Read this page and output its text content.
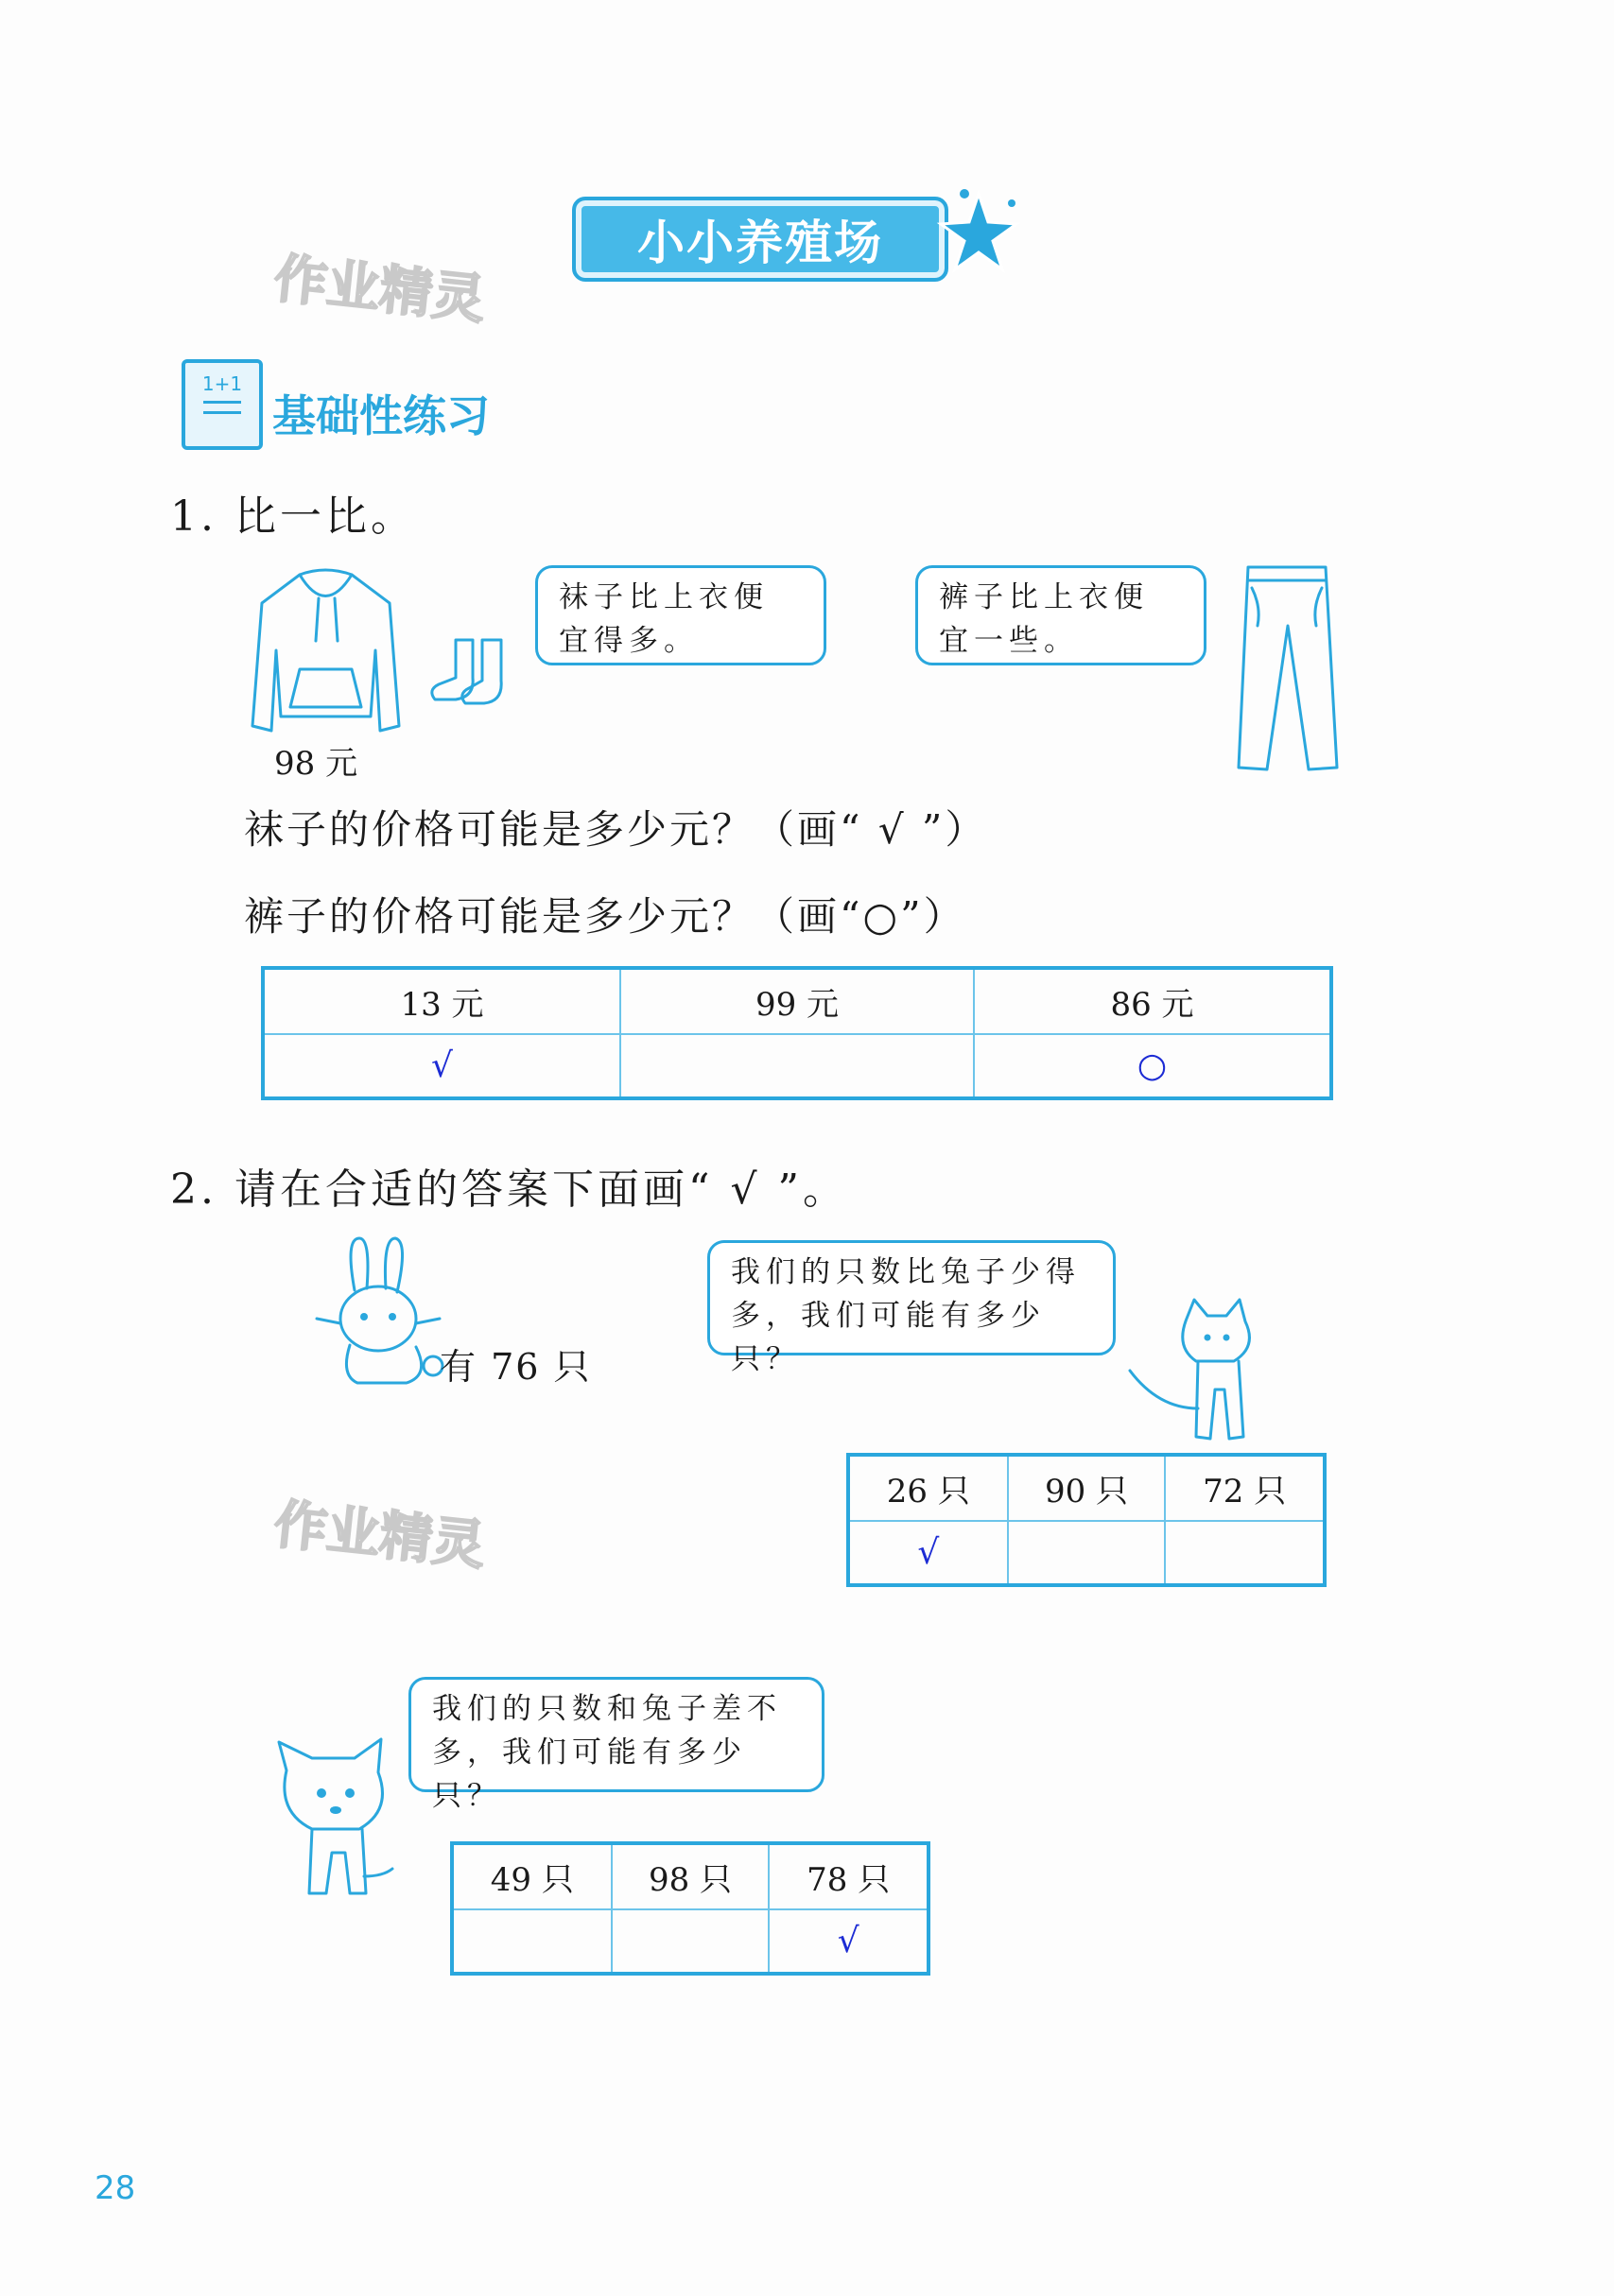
小小养殖场
作业精灵
作业精灵
1+1
基础性练习
1. 比一比。
98 元
袜子比上衣便宜得多。
裤子比上衣便宜一些。
袜子的价格可能是多少元？（画“ √ ”）
裤子的价格可能是多少元？（画“○”）
13 元	99 元	86 元
√		○
2. 请在合适的答案下面画“ √ ”。
有 76 只
我们的只数比兔子少得多，我们可能有多少只？
26 只	90 只	72 只
√		
我们的只数和兔子差不多，我们可能有多少只？
49 只	98 只	78 只
		√
28
